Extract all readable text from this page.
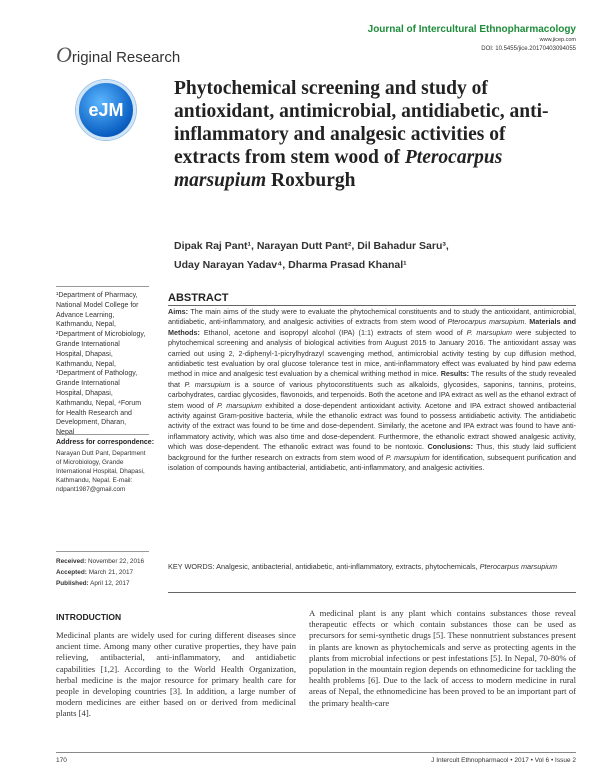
Journal of Intercultural Ethnopharmacology
www.jicep.com
DOI: 10.5455/jice.20170403094055
Original Research
eJM
Phytochemical screening and study of antioxidant, antimicrobial, antidiabetic, anti-inflammatory and analgesic activities of extracts from stem wood of Pterocarpus marsupium Roxburgh
Dipak Raj Pant¹, Narayan Dutt Pant², Dil Bahadur Saru³,
Uday Narayan Yadav⁴, Dharma Prasad Khanal¹
¹Department of Pharmacy, National Model College for Advance Learning, Kathmandu, Nepal, ²Department of Microbiology, Grande International Hospital, Dhapasi, Kathmandu, Nepal, ³Department of Pathology, Grande International Hospital, Dhapasi, Kathmandu, Nepal, ⁴Forum for Health Research and Development, Dharan, Nepal
Address for correspondence:
Narayan Dutt Pant, Department of Microbiology, Grande International Hospital, Dhapasi, Kathmandu, Nepal. E-mail: ndpant1987@gmail.com
Received: November 22, 2016
Accepted: March 21, 2017
Published: April 12, 2017
ABSTRACT
Aims: The main aims of the study were to evaluate the phytochemical constituents and to study the antioxidant, antimicrobial, antidiabetic, anti-inflammatory, and analgesic activities of extracts from stem wood of Pterocarpus marsupium. Materials and Methods: Ethanol, acetone and isopropyl alcohol (IPA) (1:1) extracts of stem wood of P. marsupium were subjected to phytochemical screening and analysis of biological activities from August 2015 to January 2016. The antioxidant assay was carried out using 2, 2-diphenyl-1-picrylhydrazyl scavenging method, antimicrobial activity testing by cup diffusion method, antidiabetic test evaluation by oral glucose tolerance test in mice, anti-inflammatory effect was evaluated by hind paw edema method in mice and analgesic test evaluation by a chemical writhing method in mice. Results: The results of the study revealed that P. marsupium is a source of various phytoconstituents such as alkaloids, glycosides, saponins, tannins, proteins, carbohydrates, cardiac glycosides, flavonoids, and terpenoids. Both the acetone and IPA extract as well as the ethanol extract of stem wood of P. marsupium exhibited a dose-dependent antioxidant activity. Acetone and IPA extract showed antibacterial activity against Gram-positive bacteria, while the ethanolic extract was found to possess antidiabetic activity. The antidiabetic activity of the extract was found to be time and dose-dependent. Similarly, the acetone and IPA extract was found to have anti-inflammatory activity, which was also time and dose-dependent. Furthermore, the ethanolic extract showed analgesic activity, which was dose-dependent. The ethanolic extract was found to be nontoxic. Conclusions: Thus, this study laid sufficient background for the further research on extracts from stem wood of P. marsupium for identification, subsequent purification and isolation of compounds having antibacterial, antidiabetic, anti-inflammatory, and analgesic activities.
KEY WORDS: Analgesic, antibacterial, antidiabetic, anti-inflammatory, extracts, phytochemicals, Pterocarpus marsupium
INTRODUCTION
Medicinal plants are widely used for curing different diseases since ancient time. Among many other curative properties, they have pain relieving, antibacterial, anti-inflammatory, and antidiabetic capabilities [1,2]. According to the World Health Organization, herbal medicine is the major resource for primary health care for people in developing countries [3]. In addition, a large number of modern medicines are either based on or derived from medicinal plants [4].
A medicinal plant is any plant which contains substances those reveal therapeutic effects or which contain substances those can be used as precursors for semi-synthetic drugs [5]. These nonnutrient substances present in plants are known as phytochemicals and serve as protecting agents in the plants from microbial infections or pest infestations [5]. In Nepal, 70-80% of population in the mountain region depends on ethnomedicine for tackling the health problems [6]. Due to the lack of access to modern medicine in rural areas of Nepal, the ethnomedicine has been proved to be an important part of the primary health-care
170	J Intercult Ethnopharmacol • 2017 • Vol 6 • Issue 2
